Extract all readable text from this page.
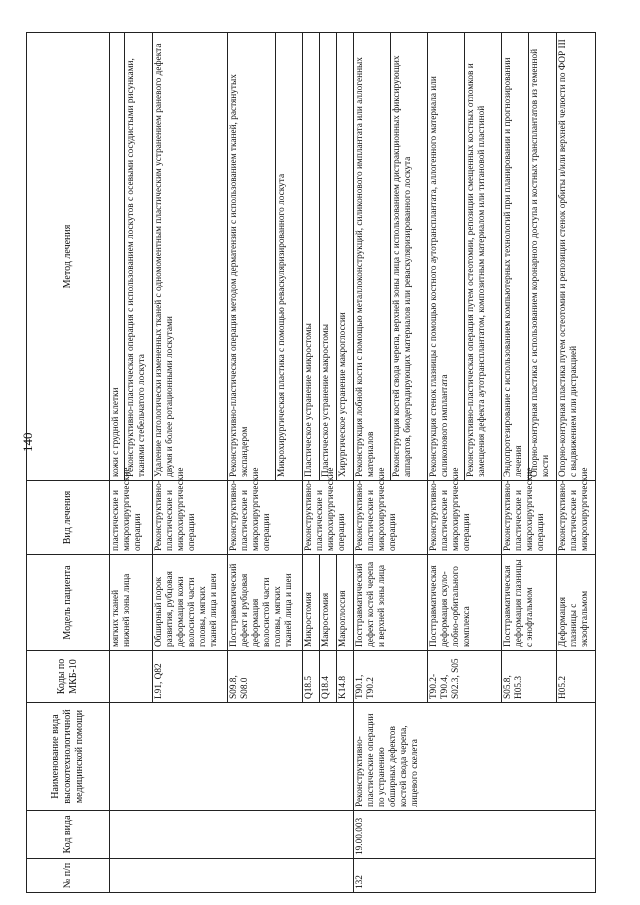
140
№ п/п	Код вида	Наименование вида высокотехнологичной медицинской помощи	Коды по МКБ-10	Модель пациента	Вид лечения	Метод лечения
				мягких тканей нижней зоны лица	пластические и микрохирургические операции	кожи с грудной клетки
						Реконструктивно-пластическая операция с использованием лоскутов с осевыми сосудистыми рисунками, тканями стебельчатого лоскута
			L91, Q82	Обширный порок развития, рубцовая деформация кожи волосистой части головы, мягких тканей лица и шеи	Реконструктивно-пластические и микрохирургические операции	Удаление патологически измененных тканей с одномоментным пластическим устранением раневого дефекта двумя и более ротационными лоскутами
			S09.8, S08.0	Посттравматический дефект и рубцовая деформация волосистой части головы, мягких тканей лица и шеи	Реконструктивно-пластические и микрохирургические операции	Реконструктивно-пластическая операция методом дерматензии с использованием тканей, растянутых экспандером
						Микрохирургическая пластика с помощью реваскуляризированного лоскута
			Q18.5	Микростомия	Реконструктивно-пластические и микрохирургические операции	Пластическое устранение микростомы
			Q18.4	Макростомия		Пластическое устранение макростомы
			K14.8	Макроглоссия		Хирургическое устранение макроглоссии
132	19.00.003	Реконструктивно-пластические операции по устранению обширных дефектов костей свода черепа, лицевого скелета	T90.1, T90.2	Посттравматический дефект костей черепа и верхней зоны лица	Реконструктивно-пластические и микрохирургические операции	Реконструкция лобной кости с помощью металлоконструкций, силиконового имплантата или аллогенных материалов
						Реконструкция костей свода черепа, верхней зоны лица с использованием дистракционных фиксирующих аппаратов, биодеградирующих материалов или реваскуляризированного лоскута
			T90.2-T90.4, S02.3, S05	Посттравматическая деформация скуло-лобно-орбитального комплекса	Реконструктивно-пластические и микрохирургические операции	Реконструкция стенок глазницы с помощью костного аутотрансплантата, аллогенного материала или силиконового имплантата
						Реконструктивно-пластическая операция путем остеотомии, репозиции смещенных костных отломков и замещения дефекта аутотрансплантатом, композитным материалом или титановой пластиной
			S05.8, H05.3	Посттравматическая деформация глазницы с энофтальмом	Реконструктивно-пластические и микрохирургические операции	Эндопротезирование с использованием компьютерных технологий при планировании и прогнозировании лечения
						Опорно-контурная пластика с использованием коронарного доступа и костных трансплантатов из теменной кости
			H05.2	Деформация глазницы с экзофтальмом	Реконструктивно-пластические и микрохирургические	Опорно-контурная пластика путем остеотомии и репозиции стенок орбиты и/или верхней челюсти по ФОР III с выдвижением или дистракцией
